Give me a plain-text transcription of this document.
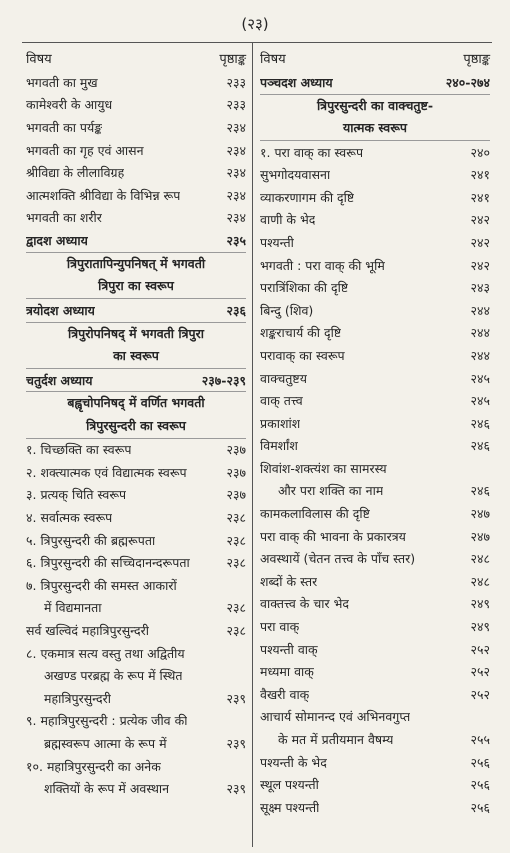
(२३)
विषय	पृष्ठाङ्क
भगवती का मुख	२३३
कामेश्वरी के आयुध	२३३
भगवती का पर्यङ्क	२३४
भगवती का गृह एवं आसन	२३४
श्रीविद्या के लीलाविग्रह	२३४
आत्मशक्ति श्रीविद्या के विभिन्न रूप	२३४
भगवती का शरीर	२३४
द्वादश अध्याय	२३५
त्रिपुरातापिन्युपनिषत् में भगवती
त्रिपुरा का स्वरूप
त्रयोदश अध्याय	२३६
त्रिपुरोपनिषद् में भगवती त्रिपुरा
का स्वरूप
चतुर्दश अध्याय	२३७-२३९
बह्वृचोपनिषद् में वर्णित भगवती
त्रिपुरसुन्दरी का स्वरूप
१. चिच्छक्ति का स्वरूप	२३७
२. शक्त्यात्मक एवं विद्यात्मक स्वरूप	२३७
३. प्रत्यक् चिति स्वरूप	२३७
४. सर्वात्मक स्वरूप	२३८
५. त्रिपुरसुन्दरी की ब्रह्मरूपता	२३८
६. त्रिपुरसुन्दरी की सच्चिदानन्दरूपता	२३८
७. त्रिपुरसुन्दरी की समस्त आकारों
में विद्यमानता	२३८
सर्व खल्विदं महात्रिपुरसुन्दरी	२३८
८. एकमात्र सत्य वस्तु तथा अद्वितीय
अखण्ड परब्रह्म के रूप में स्थित
महात्रिपुरसुन्दरी	२३९
९. महात्रिपुरसुन्दरी : प्रत्येक जीव की
ब्रह्मस्वरूप आत्मा के रूप में	२३९
१०. महात्रिपुरसुन्दरी का अनेक
शक्तियों के रूप में अवस्थान	२३९
विषय	पृष्ठाङ्क
पञ्चदश अध्याय	२४०-२७४
त्रिपुरसुन्दरी का वाक्चतुष्ट-
यात्मक स्वरूप
१. परा वाक् का स्वरूप	२४०
सुभगोदयवासना	२४१
व्याकरणागम की दृष्टि	२४१
वाणी के भेद	२४२
पश्यन्ती	२४२
भगवती : परा वाक् की भूमि	२४२
परात्रिंशिका की दृष्टि	२४३
बिन्दु (शिव)	२४४
शङ्कराचार्य की दृष्टि	२४४
परावाक् का स्वरूप	२४४
वाक्चतुष्टय	२४५
वाक् तत्त्व	२४५
प्रकाशांश	२४६
विमर्शांश	२४६
शिवांश-शक्त्यंश का सामरस्य
और परा शक्ति का नाम	२४६
कामकलाविलास की दृष्टि	२४७
परा वाक् की भावना के प्रकारत्रय	२४७
अवस्थायें (चेतन तत्त्व के पाँच स्तर)	२४८
शब्दों के स्तर	२४८
वाक्तत्त्व के चार भेद	२४९
परा वाक्	२४९
पश्यन्ती वाक्	२५२
मध्यमा वाक्	२५२
वैखरी वाक्	२५२
आचार्य सोमानन्द एवं अभिनवगुप्त
के मत में प्रतीयमान वैषम्य	२५५
पश्यन्ती के भेद	२५६
स्थूल पश्यन्ती	२५६
सूक्ष्म पश्यन्ती	२५६
